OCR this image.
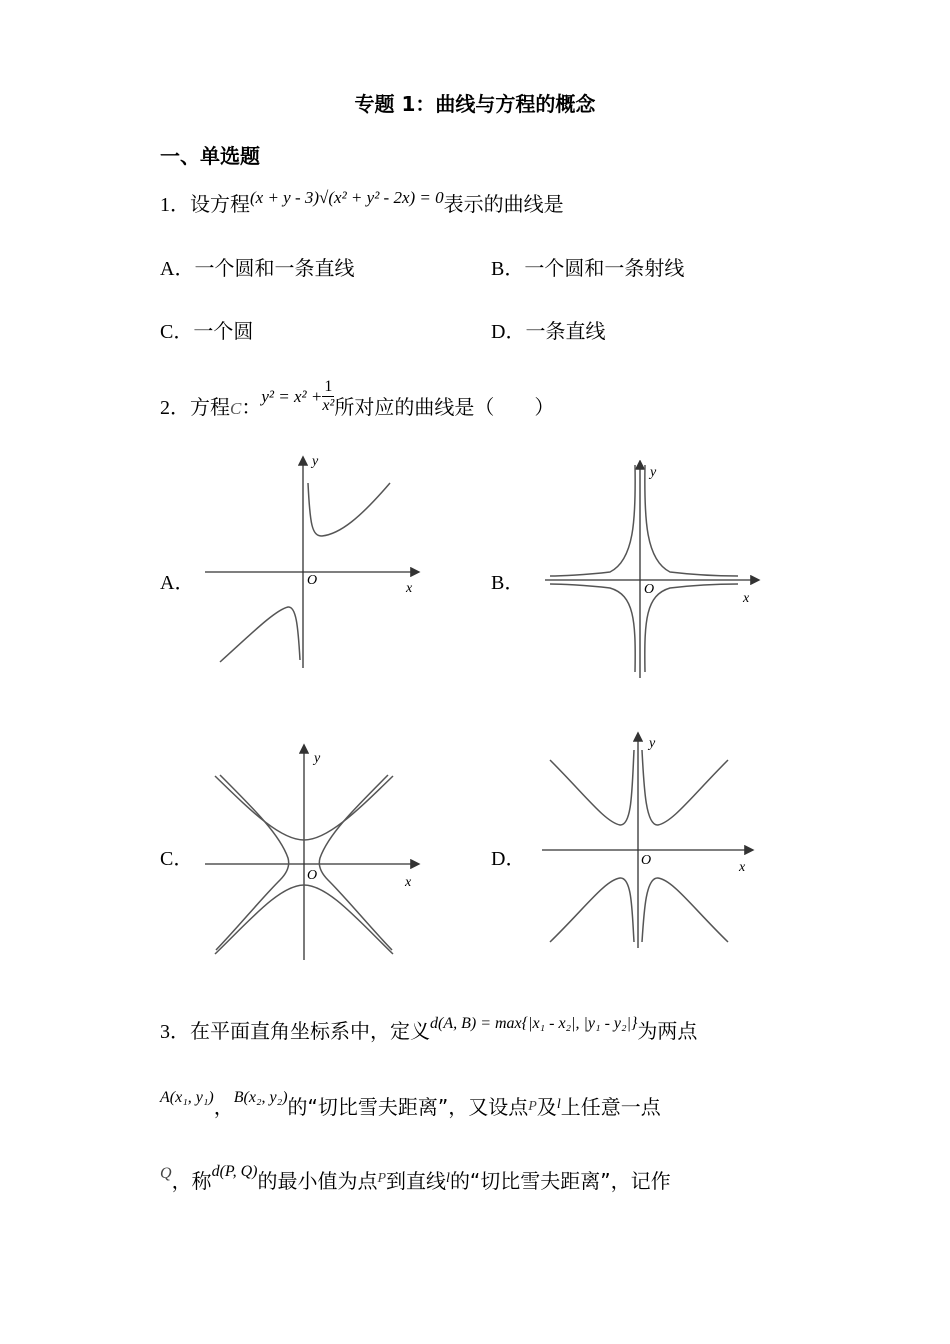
专题 1：曲线与方程的概念
一、单选题
1．设方程$^{(x + y - 3)√(x^2 + y^2 - 2x) = 0}$表示的曲线是
A．一个圆和一条直线	B．一个圆和一条射线
C．一个圆	D．一条直线
2．方程$_C$：$y^2 = x^2 + \frac{1}{\text{x²}}$ 所对应的曲线是（　　）
A．	B．
C．	D．
y
x
O
y
x
O
y
x
O
y
x
O
3．在平面直角坐标系中，定义$^{d(A, B) = max\{|x_1 - x_2|, |y_1 - y_2|\}}$为两点
$^{A(x_1, y_1)}$，$^{B(x_2, y_2)}$的“切比雪夫距离”，又设点$^P$及$^l$上任意一点
$^Q$，称$^{d(P, Q)}$的最小值为点$^P$到直线$^l$的“切比雪夫距离”，记作
